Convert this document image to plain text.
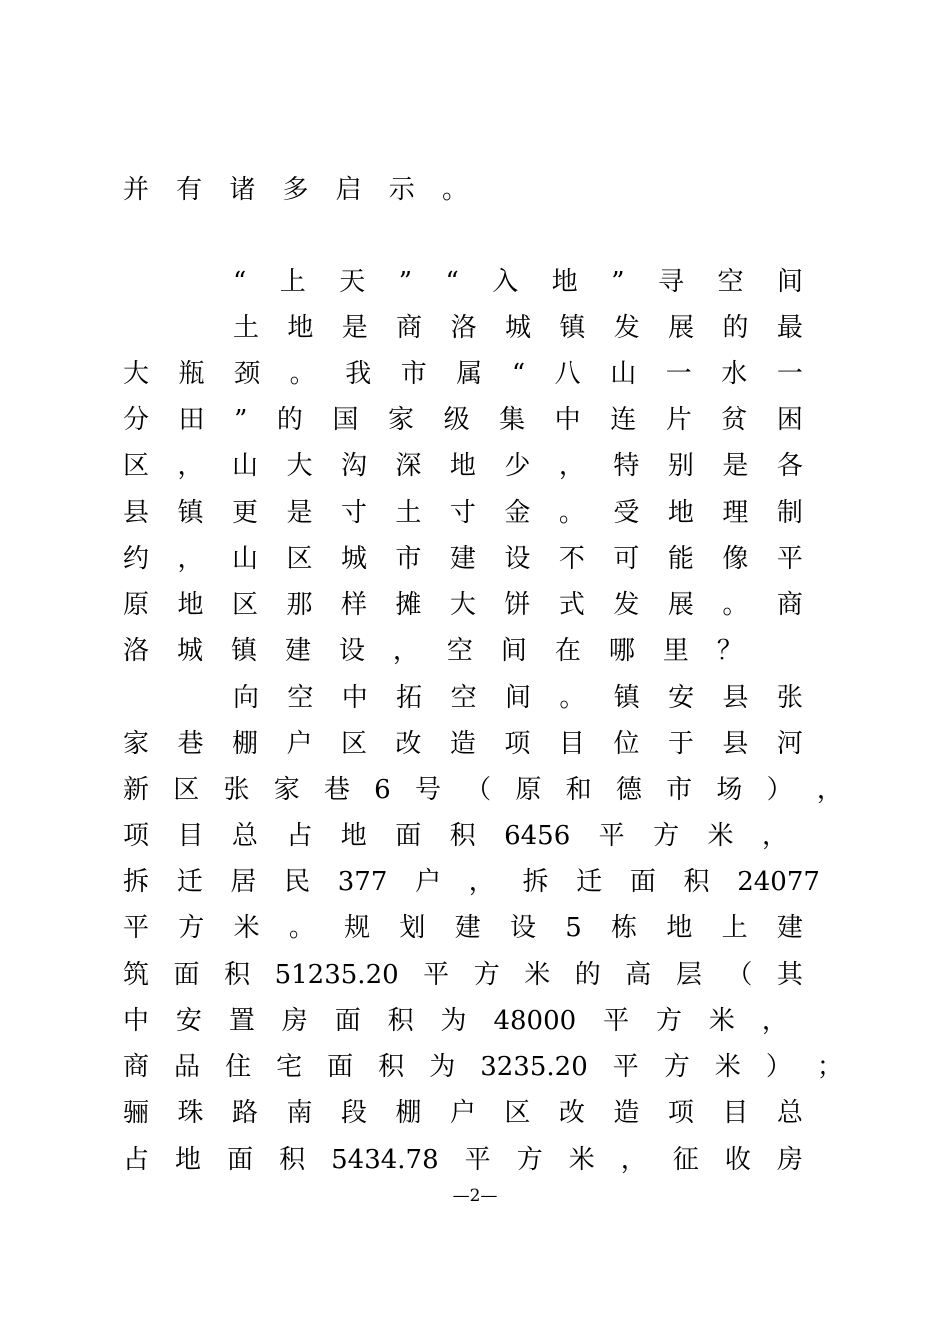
并 有 诸 多 启 示 。
“ 上 天 ” “ 入 地 ” 寻 空 间
土 地 是 商 洛 城 镇 发 展 的 最
大 瓶 颈 。 我 市 属 “ 八 山 一 水 一
分 田 ” 的 国 家 级 集 中 连 片 贫 困
区 ， 山 大 沟 深 地 少 ， 特 别 是 各
县 镇 更 是 寸 土 寸 金 。 受 地 理 制
约 ， 山 区 城 市 建 设 不 可 能 像 平
原 地 区 那 样 摊 大 饼 式 发 展 。 商
洛 城 镇 建 设 ， 空 间 在 哪 里 ？
向 空 中 拓 空 间 。 镇 安 县 张
家 巷 棚 户 区 改 造 项 目 位 于 县 河
新 区 张 家 巷 6 号 （ 原 和 德 市 场 ） ，
项 目 总 占 地 面 积 6456 平 方 米 ，
拆 迁 居 民 377 户 ， 拆 迁 面 积 24077
平 方 米 。 规 划 建 设 5 栋 地 上 建
筑 面 积 51235.20 平 方 米 的 高 层 （ 其
中 安 置 房 面 积 为 48000 平 方 米 ，
商 品 住 宅 面 积 为 3235.20 平 方 米 ） ；
骊 珠 路 南 段 棚 户 区 改 造 项 目 总
占 地 面 积 5434.78 平 方 米 ， 征 收 房
—2—
